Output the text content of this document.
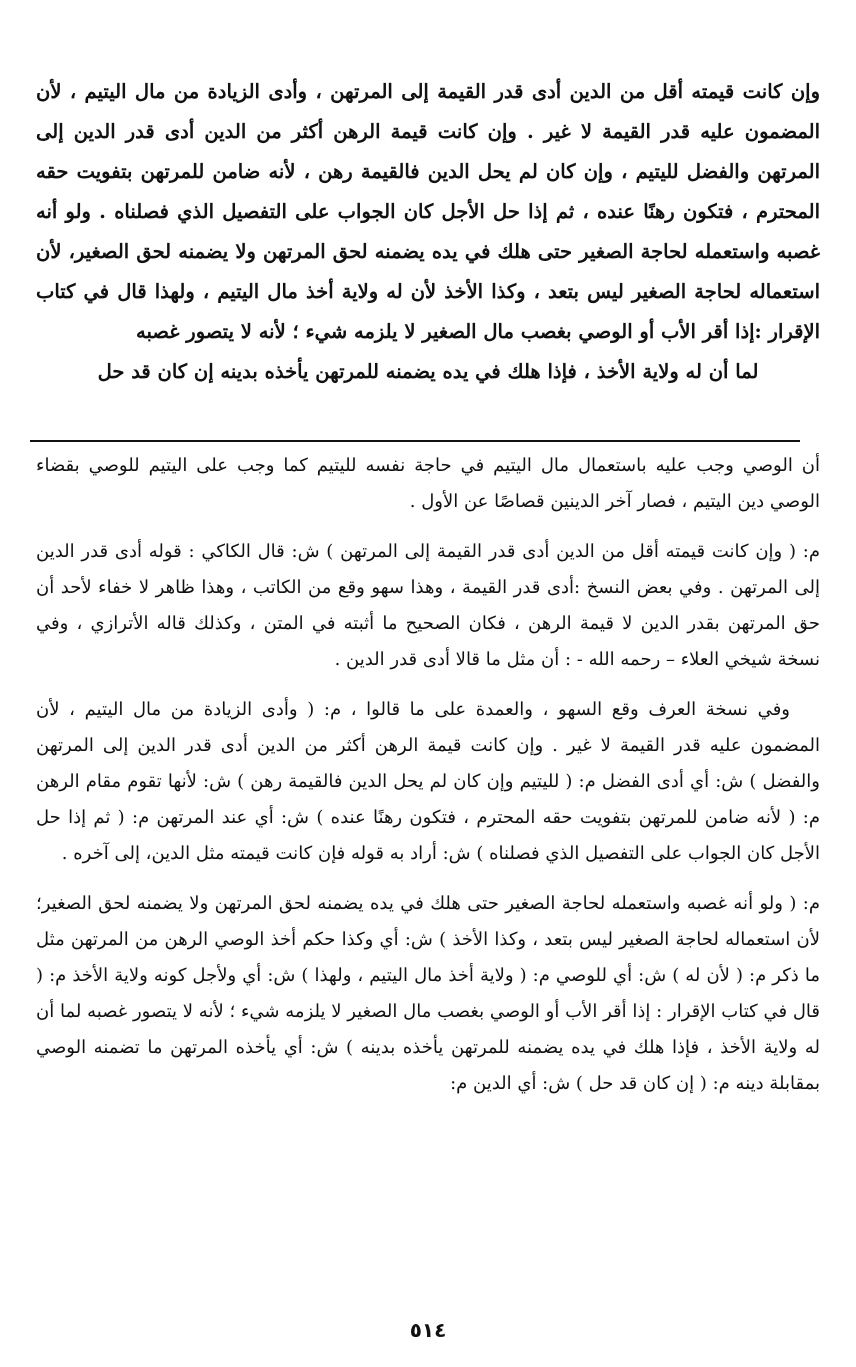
وإن كانت قيمته أقل من الدين أدى قدر القيمة إلى المرتهن ، وأدى الزيادة من مال اليتيم ، لأن المضمون عليه قدر القيمة لا غير . وإن كانت قيمة الرهن أكثر من الدين أدى قدر الدين إلى المرتهن والفضل لليتيم ، وإن كان لم يحل الدين فالقيمة رهن ، لأنه ضامن للمرتهن بتفويت حقه المحترم ، فتكون رهنًا عنده ، ثم إذا حل الأجل كان الجواب على التفصيل الذي فصلناه . ولو أنه غصبه واستعمله لحاجة الصغير حتى هلك في يده يضمنه لحق المرتهن ولا يضمنه لحق الصغير، لأن استعماله لحاجة الصغير ليس بتعد ، وكذا الأخذ لأن له ولاية أخذ مال اليتيم ، ولهذا قال في كتاب الإقرار :إذا أقر الأب أو الوصي بغصب مال الصغير لا يلزمه شيء ؛ لأنه لا يتصور غصبه

لما أن له ولاية الأخذ ، فإذا هلك في يده يضمنه للمرتهن يأخذه بدينه إن كان قد حل

أن الوصي وجب عليه باستعمال مال اليتيم في حاجة نفسه لليتيم كما وجب على اليتيم للوصي بقضاء الوصي دين اليتيم ، فصار آخر الدينين قصاصًا عن الأول .

م: ( وإن كانت قيمته أقل من الدين أدى قدر القيمة إلى المرتهن ) ش: قال الكاكي : قوله أدى قدر الدين إلى المرتهن . وفي بعض النسخ :أدى قدر القيمة ، وهذا سهو وقع من الكاتب ، وهذا ظاهر لا خفاء لأحد أن حق المرتهن بقدر الدين لا قيمة الرهن ، فكان الصحيح ما أثبته في المتن ، وكذلك قاله الأترازي ، وفي نسخة شيخي العلاء – رحمه الله - : أن مثل ما قالا أدى قدر الدين .

وفي نسخة العرف وقع السهو ، والعمدة على ما قالوا ، م: ( وأدى الزيادة من مال اليتيم ، لأن المضمون عليه قدر القيمة لا غير . وإن كانت قيمة الرهن أكثر من الدين أدى قدر الدين إلى المرتهن والفضل ) ش: أي أدى الفضل م: ( لليتيم وإن كان لم يحل الدين فالقيمة رهن ) ش: لأنها تقوم مقام الرهن م: ( لأنه ضامن للمرتهن بتفويت حقه المحترم ، فتكون رهنًا عنده ) ش: أي عند المرتهن م: ( ثم إذا حل الأجل كان الجواب على التفصيل الذي فصلناه ) ش: أراد به قوله فإن كانت قيمته مثل الدين، إلى آخره .

م: ( ولو أنه غصبه واستعمله لحاجة الصغير حتى هلك في يده يضمنه لحق المرتهن ولا يضمنه لحق الصغير؛ لأن استعماله لحاجة الصغير ليس بتعد ، وكذا الأخذ ) ش: أي وكذا حكم أخذ الوصي الرهن من المرتهن مثل ما ذكر م: ( لأن له ) ش: أي للوصي م: ( ولاية أخذ مال اليتيم ، ولهذا ) ش: أي ولأجل كونه ولاية الأخذ م: ( قال في كتاب الإقرار : إذا أقر الأب أو الوصي بغصب مال الصغير لا يلزمه شيء ؛ لأنه لا يتصور غصبه لما أن له ولاية الأخذ ، فإذا هلك في يده يضمنه للمرتهن يأخذه بدينه ) ش: أي يأخذه المرتهن ما تضمنه الوصي بمقابلة دينه م: ( إن كان قد حل ) ش: أي الدين م:

٥١٤
